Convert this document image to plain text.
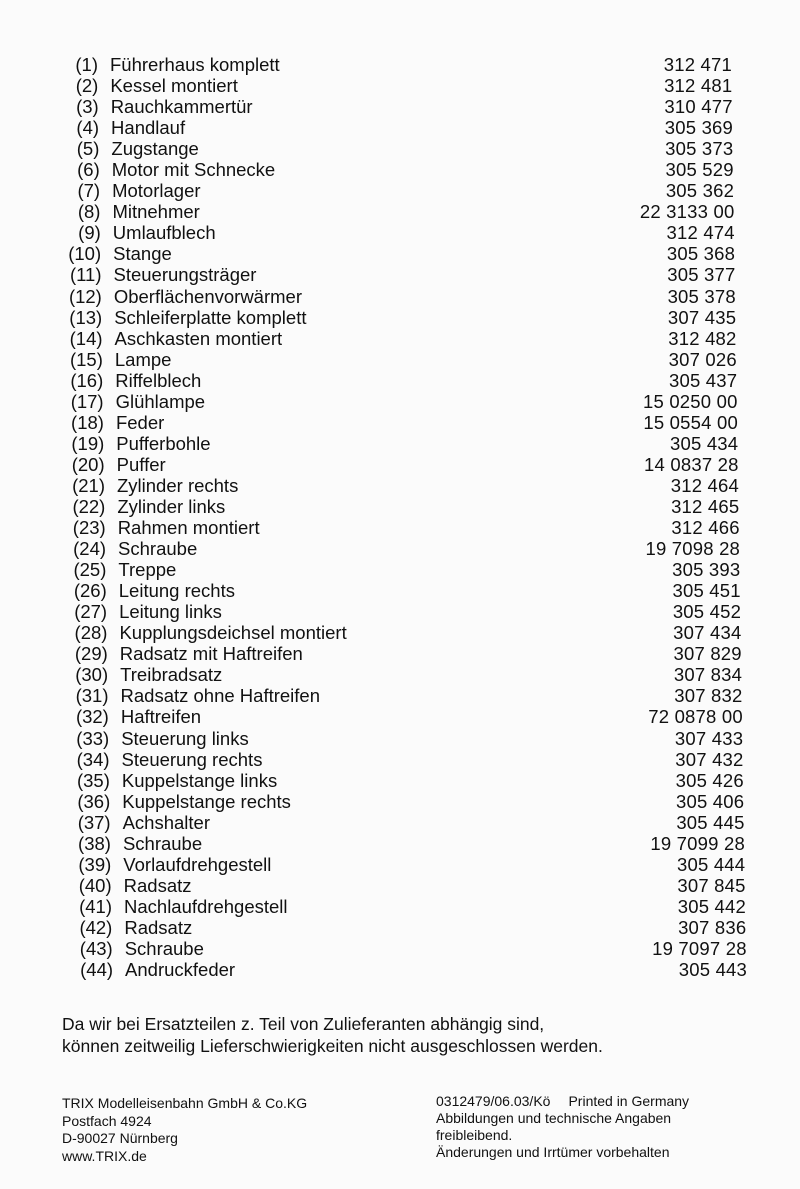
(1) Führerhaus komplett	312 471
(2) Kessel montiert	312 481
(3) Rauchkammertür	310 477
(4) Handlauf	305 369
(5) Zugstange	305 373
(6) Motor mit Schnecke	305 529
(7) Motorlager	305 362
(8) Mitnehmer	22 3133 00
(9) Umlaufblech	312 474
(10) Stange	305 368
(11) Steuerungsträger	305 377
(12) Oberflächenvorwärmer	305 378
(13) Schleiferplatte komplett	307 435
(14) Aschkasten montiert	312 482
(15) Lampe	307 026
(16) Riffelblech	305 437
(17) Glühlampe	15 0250 00
(18) Feder	15 0554 00
(19) Pufferbohle	305 434
(20) Puffer	14 0837 28
(21) Zylinder rechts	312 464
(22) Zylinder links	312 465
(23) Rahmen montiert	312 466
(24) Schraube	19 7098 28
(25) Treppe	305 393
(26) Leitung rechts	305 451
(27) Leitung links	305 452
(28) Kupplungsdeichsel montiert	307 434
(29) Radsatz mit Haftreifen	307 829
(30) Treibradsatz	307 834
(31) Radsatz ohne Haftreifen	307 832
(32) Haftreifen	72 0878 00
(33) Steuerung links	307 433
(34) Steuerung rechts	307 432
(35) Kuppelstange links	305 426
(36) Kuppelstange rechts	305 406
(37) Achshalter	305 445
(38) Schraube	19 7099 28
(39) Vorlaufdrehgestell	305 444
(40) Radsatz	307 845
(41) Nachlaufdrehgestell	305 442
(42) Radsatz	307 836
(43) Schraube	19 7097 28
(44) Andruckfeder	305 443
Da wir bei Ersatzteilen z. Teil von Zulieferanten abhängig sind,
können zeitweilig Lieferschwierigkeiten nicht ausgeschlossen werden.
TRIX Modelleisenbahn GmbH & Co.KG
Postfach 4924
D-90027 Nürnberg
www.TRIX.de
0312479/06.03/Kö Printed in Germany
Abbildungen und technische Angaben
freibleibend.
Änderungen und Irrtümer vorbehalten
